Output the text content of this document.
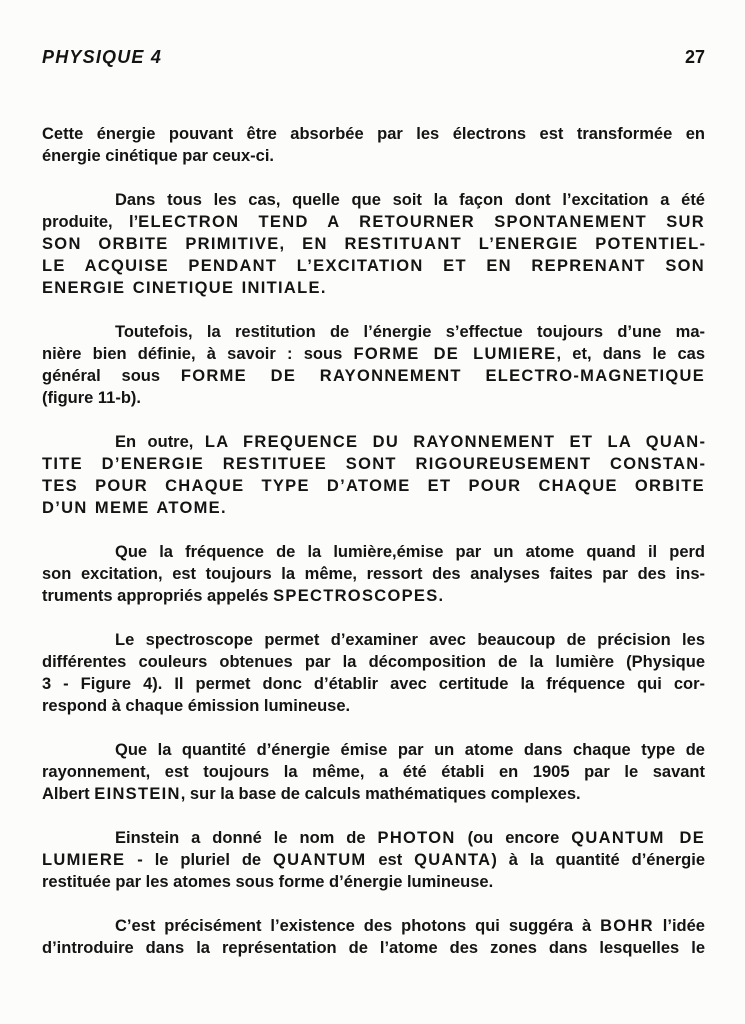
PHYSIQUE 4	27
Cette énergie pouvant être absorbée par les électrons est transformée en
énergie cinétique par ceux-ci.
Dans tous les cas, quelle que soit la façon dont l’excitation a été
produite, l’ELECTRON TEND A RETOURNER SPONTANEMENT SUR
SON ORBITE PRIMITIVE, EN RESTITUANT L’ENERGIE POTENTIEL-
LE ACQUISE PENDANT L’EXCITATION ET EN REPRENANT SON
ENERGIE CINETIQUE INITIALE.
Toutefois, la restitution de l’énergie s’effectue toujours d’une ma-
nière bien définie, à savoir : sous FORME DE LUMIERE, et, dans le cas
général sous FORME DE RAYONNEMENT ELECTRO-MAGNETIQUE
(figure 11-b).
En outre, LA FREQUENCE DU RAYONNEMENT ET LA QUAN-
TITE D’ENERGIE RESTITUEE SONT RIGOUREUSEMENT CONSTAN-
TES POUR CHAQUE TYPE D’ATOME ET POUR CHAQUE ORBITE
D’UN MEME ATOME.
Que la fréquence de la lumière,émise par un atome quand il perd
son excitation, est toujours la même, ressort des analyses faites par des ins-
truments appropriés appelés SPECTROSCOPES.
Le spectroscope permet d’examiner avec beaucoup de précision les
différentes couleurs obtenues par la décomposition de la lumière (Physique
3 - Figure 4). Il permet donc d’établir avec certitude la fréquence qui cor-
respond à chaque émission lumineuse.
Que la quantité d’énergie émise par un atome dans chaque type de
rayonnement, est toujours la même, a été établi en 1905 par le savant
Albert EINSTEIN, sur la base de calculs mathématiques complexes.
Einstein a donné le nom de PHOTON (ou encore QUANTUM DE
LUMIERE - le pluriel de QUANTUM est QUANTA) à la quantité d’énergie
restituée par les atomes sous forme d’énergie lumineuse.
C’est précisément l’existence des photons qui suggéra à BOHR l’idée
d’introduire dans la représentation de l’atome des zones dans lesquelles le
